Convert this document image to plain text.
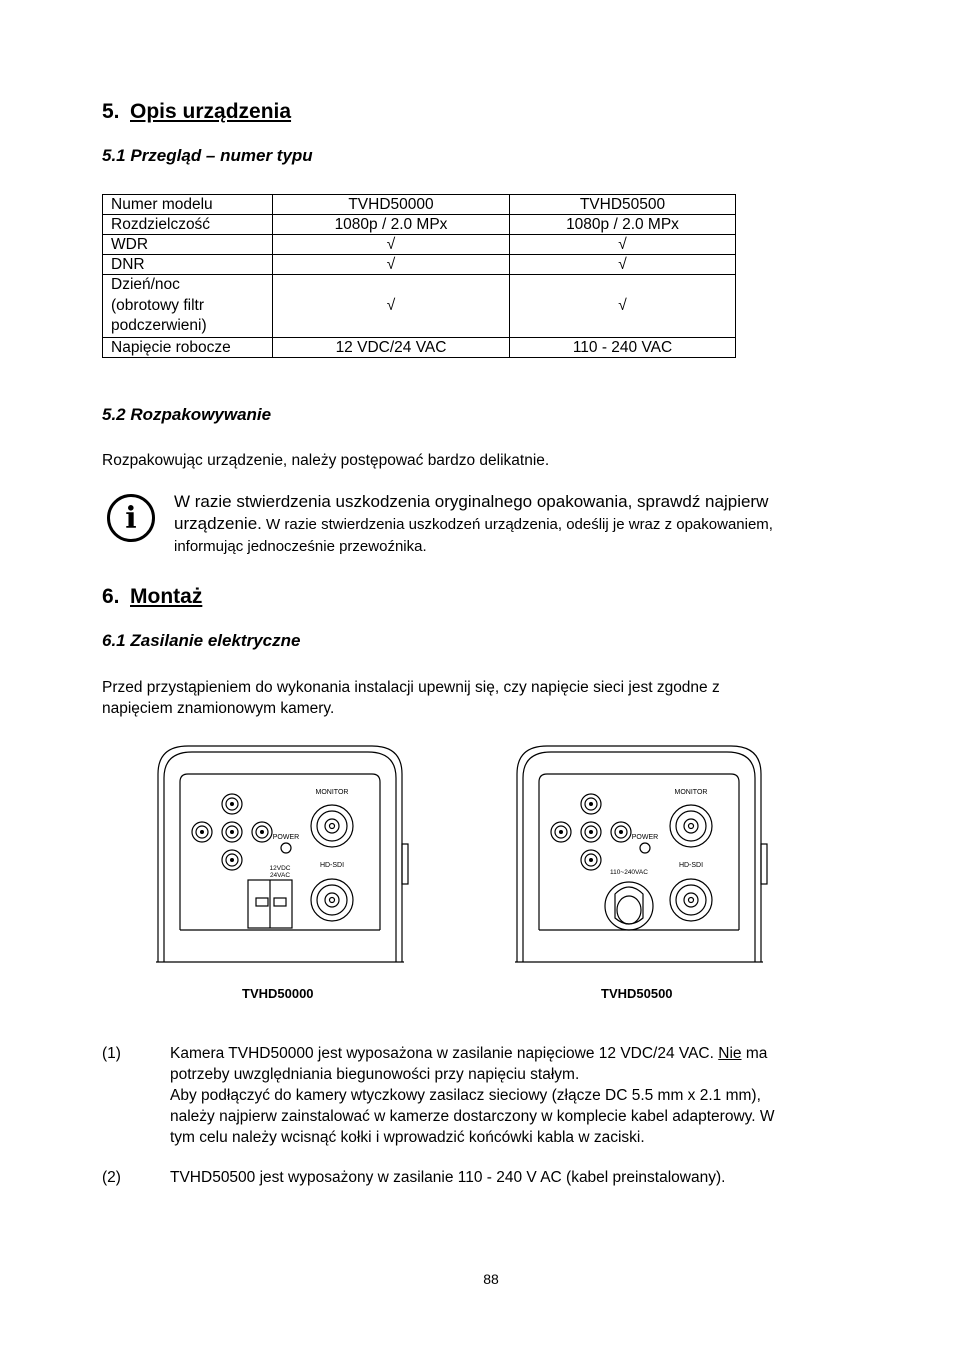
5. Opis urządzenia
5.1 Przegląd – numer typu
Numer modelu	TVHD50000	TVHD50500
Rozdzielczość	1080p / 2.0 MPx	1080p / 2.0 MPx
WDR	√	√
DNR	√	√

Dzień/noc
(obrotowy filtr
podczerwieni)	√	√
Napięcie robocze	12 VDC/24 VAC	110 - 240 VAC
5.2 Rozpakowywanie
Rozpakowując urządzenie, należy postępować bardzo delikatnie.
i	W razie stwierdzenia uszkodzenia oryginalnego opakowania, sprawdź najpierw
urządzenie. W razie stwierdzenia uszkodzeń urządzenia, odeślij je wraz z opakowaniem,
informując jednocześnie przewoźnika.
6. Montaż
6.1 Zasilanie elektryczne
Przed przystąpieniem do wykonania instalacji upewnij się, czy napięcie sieci jest zgodne z
napięciem znamionowym kamery.
MONITOR
POWER
HD-SDI
12VDC
24VAC
TVHD50000
MONITOR
POWER
HD-SDI
110~240VAC
TVHD50500
(1)	Kamera TVHD50000 jest wyposażona w zasilanie napięciowe 12 VDC/24 VAC. Nie ma
potrzeby uwzględniania biegunowości przy napięciu stałym.
Aby podłączyć do kamery wtyczkowy zasilacz sieciowy (złącze DC 5.5 mm x 2.1 mm),
należy najpierw zainstalować w kamerze dostarczony w komplecie kabel adapterowy. W
tym celu należy wcisnąć kołki i wprowadzić końcówki kabla w zaciski.
(2)	TVHD50500 jest wyposażony w zasilanie 110 - 240 V AC (kabel preinstalowany).
88
